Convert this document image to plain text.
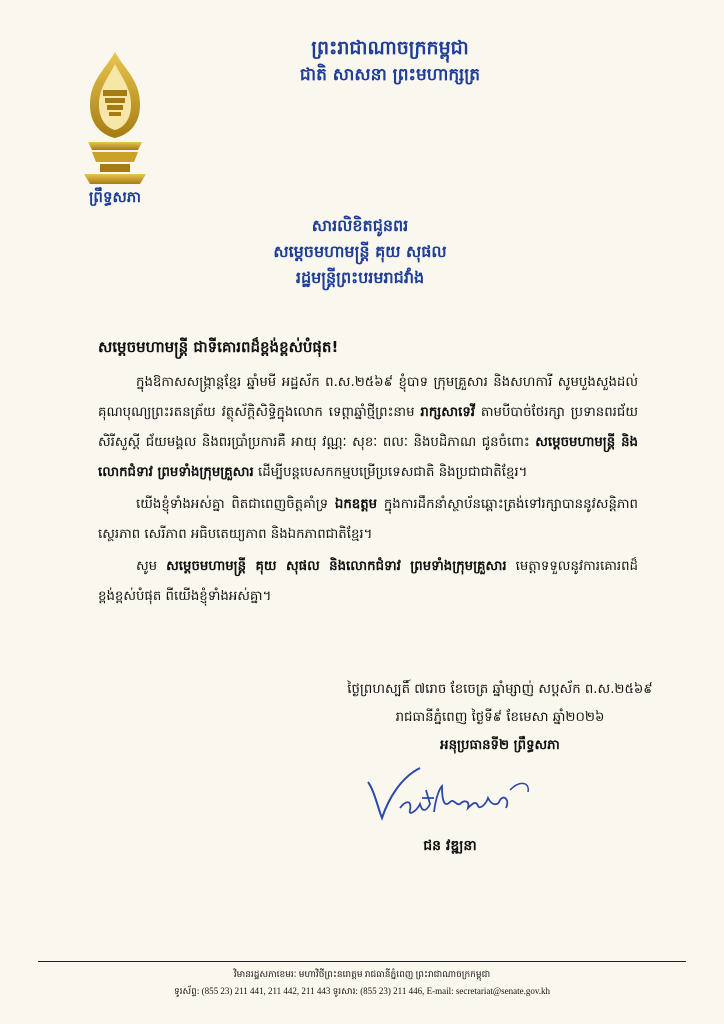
ព្រះរាជាណាចក្រកម្ពុជា
ជាតិ សាសនា ព្រះមហាក្សត្រ
ព្រឹទ្ធសភា
សារលិខិតជូនពរ
សម្តេចមហាមន្ត្រី គុយ សុផល
រដ្ឋមន្ត្រីព្រះបរមរាជវាំង
សម្តេចមហាមន្ត្រី ជាទីគោរពដ៏ខ្ពង់ខ្ពស់បំផុត!

ក្នុងឱកាសសង្ក្រាន្តខ្មែរ ឆ្នាំមមី អដ្ឋស័ក ព.ស.២៥៦៩ ខ្ញុំបាទ ក្រុមគ្រួសារ និងសហការី សូមបួងសួងដល់គុណបុណ្យព្រះរតនត្រ័យ វត្ថុស័ក្តិសិទ្ធិក្នុងលោក ទេព្តាឆ្នាំថ្មីព្រះនាម រាក្សសាទេវី តាមបីបាច់ថែរក្សា ប្រទានពរជ័យ សិរីសួស្តី ជ័យមង្គល និងពរប្រាំប្រការគឺ អាយុ វណ្ណៈ សុខៈ ពលៈ និងបដិភាណ ជូនចំពោះ សម្តេចមហាមន្ត្រី និងលោកជំទាវ ព្រមទាំងក្រុមគ្រួសារ ដើម្បីបន្តបេសកកម្មបម្រើប្រទេសជាតិ និងប្រជាជាតិខ្មែរ។

យើងខ្ញុំទាំងអស់គ្នា ពិតជាពេញចិត្តគាំទ្រ ឯកឧត្តម ក្នុងការដឹកនាំស្ថាប័នឆ្ពោះត្រង់ទៅរក្សាបាននូវសន្តិភាព ស្ថេរភាព សេរីភាព អធិបតេយ្យភាព និងឯកភាពជាតិខ្មែរ។

សូម សម្តេចមហាមន្ត្រី គុយ សុផល និងលោកជំទាវ ព្រមទាំងក្រុមគ្រួសារ មេត្តាទទួលនូវការគោរពដ៏ខ្ពង់ខ្ពស់បំផុត ពីយើងខ្ញុំទាំងអស់គ្នា។

ថ្ងៃព្រហស្បតិ៍ ៧រោច ខែចេត្រ ឆ្នាំម្សាញ់ សប្តស័ក ព.ស.២៥៦៩
រាជធានីភ្នំពេញ ថ្ងៃទី៩ ខែមេសា ឆ្នាំ២០២៦
អនុប្រធានទី២ ព្រឹទ្ធសភា
ជន វឌ្ឍនា
វិមានរដ្ឋសភាខេមរៈ មហាវិថីព្រះនរោត្តម រាជធានីភ្នំពេញ ព្រះរាជាណាចក្រកម្ពុជា
ទូរស័ព្ទ: (855 23) 211 441, 211 442, 211 443 ទូរសារ: (855 23) 211 446, E-mail: secretariat@senate.gov.kh
